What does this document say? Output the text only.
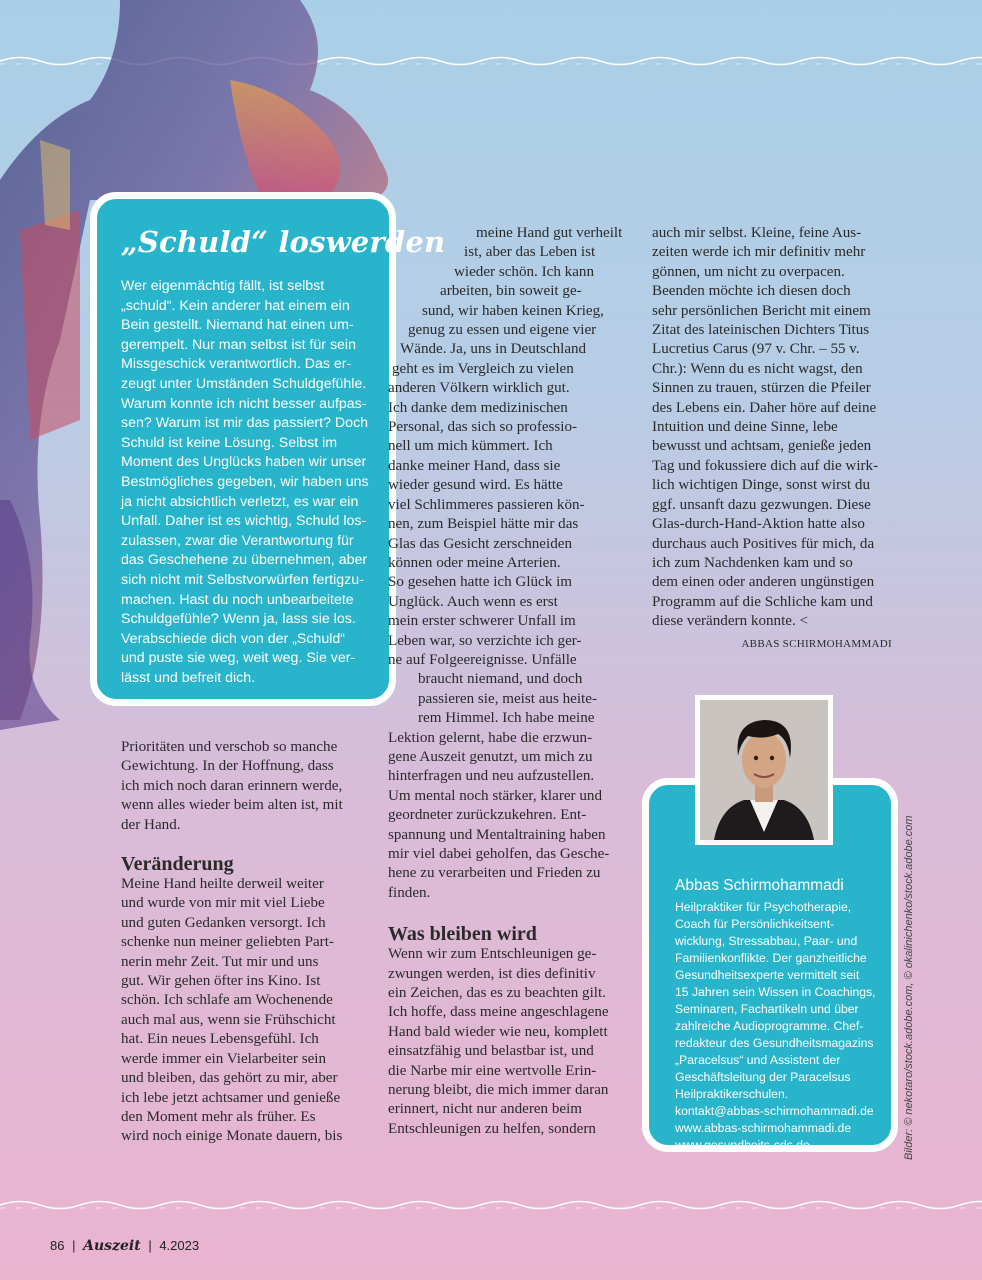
„Schuld“ loswerden
Wer eigenmächtig fällt, ist selbst
„schuld“. Kein anderer hat einem ein
Bein gestellt. Niemand hat einen um-
gerempelt. Nur man selbst ist für sein
Missgeschick verantwortlich. Das er-
zeugt unter Umständen Schuldgefühle.
Warum konnte ich nicht besser aufpas-
sen? Warum ist mir das passiert? Doch
Schuld ist keine Lösung. Selbst im
Moment des Unglücks haben wir unser
Bestmögliches gegeben, wir haben uns
ja nicht absichtlich verletzt, es war ein
Unfall. Daher ist es wichtig, Schuld los-
zulassen, zwar die Verantwortung für
das Geschehene zu übernehmen, aber
sich nicht mit Selbstvorwürfen fertigzu-
machen. Hast du noch unbearbeitete
Schuldgefühle? Wenn ja, lass sie los.
Verabschiede dich von der „Schuld“
und puste sie weg, weit weg. Sie ver-
lässt und befreit dich.

Prioritäten und verschob so manche
Gewichtung. In der Hoffnung, dass
ich mich noch daran erinnern werde,
wenn alles wieder beim alten ist, mit
der Hand.

Veränderung

Meine Hand heilte derweil weiter
und wurde von mir mit viel Liebe
und guten Gedanken versorgt. Ich
schenke nun meiner geliebten Part-
nerin mehr Zeit. Tut mir und uns
gut. Wir gehen öfter ins Kino. Ist
schön. Ich schlafe am Wochenende
auch mal aus, wenn sie Frühschicht
hat. Ein neues Lebensgefühl. Ich
werde immer ein Vielarbeiter sein
und bleiben, das gehört zu mir, aber
ich lebe jetzt achtsamer und genieße
den Moment mehr als früher. Es
wird noch einige Monate dauern, bis

meine Hand gut verheilt
ist, aber das Leben ist
wieder schön. Ich kann
arbeiten, bin soweit ge-
sund, wir haben keinen Krieg,
genug zu essen und eigene vier
Wände. Ja, uns in Deutschland
geht es im Vergleich zu vielen
anderen Völkern wirklich gut.
Ich danke dem medizinischen
Personal, das sich so professio-
nell um mich kümmert. Ich
danke meiner Hand, dass sie
wieder gesund wird. Es hätte
viel Schlimmeres passieren kön-
nen, zum Beispiel hätte mir das
Glas das Gesicht zerschneiden
können oder meine Arterien.
So gesehen hatte ich Glück im
Unglück. Auch wenn es erst
mein erster schwerer Unfall im
Leben war, so verzichte ich ger-
ne auf Folgeereignisse. Unfälle
braucht niemand, und doch
passieren sie, meist aus heite-
rem Himmel. Ich habe meine
Lektion gelernt, habe die erzwun-
gene Auszeit genutzt, um mich zu
hinterfragen und neu aufzustellen.
Um mental noch stärker, klarer und
geordneter zurückzukehren. Ent-
spannung und Mentaltraining haben
mir viel dabei geholfen, das Gesche-
hene zu verarbeiten und Frieden zu
finden.

Was bleiben wird

Wenn wir zum Entschleunigen ge-
zwungen werden, ist dies definitiv
ein Zeichen, das es zu beachten gilt.
Ich hoffe, dass meine angeschlagene
Hand bald wieder wie neu, komplett
einsatzfähig und belastbar ist, und
die Narbe mir eine wertvolle Erin-
nerung bleibt, die mich immer daran
erinnert, nicht nur anderen beim
Entschleunigen zu helfen, sondern

auch mir selbst. Kleine, feine Aus-
zeiten werde ich mir definitiv mehr
gönnen, um nicht zu overpacen.
Beenden möchte ich diesen doch
sehr persönlichen Bericht mit einem
Zitat des lateinischen Dichters Titus
Lucretius Carus (97 v. Chr. – 55 v.
Chr.): Wenn du es nicht wagst, den
Sinnen zu trauen, stürzen die Pfeiler
des Lebens ein. Daher höre auf deine
Intuition und deine Sinne, lebe
bewusst und achtsam, genieße jeden
Tag und fokussiere dich auf die wirk-
lich wichtigen Dinge, sonst wirst du
ggf. unsanft dazu gezwungen. Diese
Glas-durch-Hand-Aktion hatte also
durchaus auch Positives für mich, da
ich zum Nachdenken kam und so
dem einen oder anderen ungünstigen
Programm auf die Schliche kam und
diese verändern konnte. <

ABBAS SCHIRMOHAMMADI
Abbas Schirmohammadi
Heilpraktiker für Psychotherapie,
Coach für Persönlichkeitsent-
wicklung, Stressabbau, Paar- und
Familienkonflikte. Der ganzheitliche
Gesundheitsexperte vermittelt seit
15 Jahren sein Wissen in Coachings,
Seminaren, Fachartikeln und über
zahlreiche Audioprogramme. Chef-
redakteur des Gesundheitsmagazins
„Paracelsus“ und Assistent der
Geschäftsleitung der Paracelsus
Heilpraktikerschulen.
kontakt@abbas-schirmohammadi.de
www.abbas-schirmohammadi.de
www.gesundheits-cds.de	Bilder: © nekotaro/stock.adobe.com, © okalinichenko/stock.adobe.com
86 | Auszeit | 4.2023
